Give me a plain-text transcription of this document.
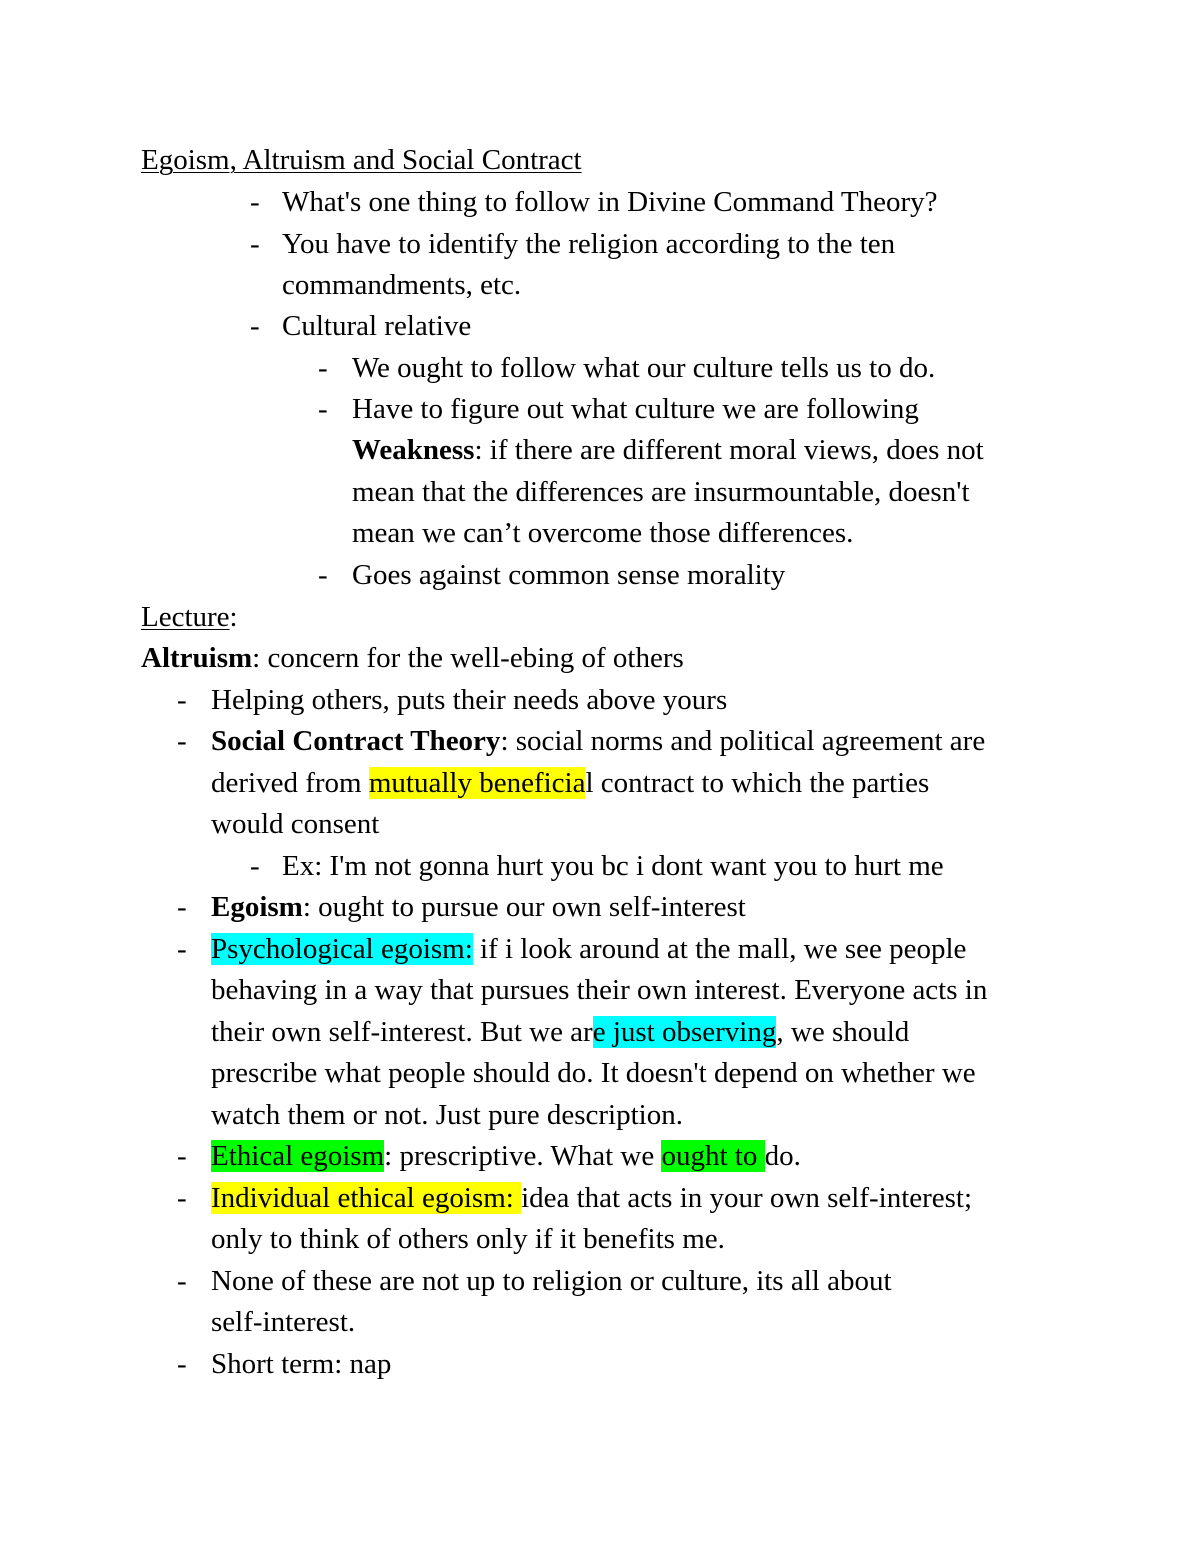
Egoism, Altruism and Social Contract
- What's one thing to follow in Divine Command Theory?
- You have to identify the religion according to the ten
commandments, etc.
- Cultural relative
- We ought to follow what our culture tells us to do.
- Have to figure out what culture we are following
Weakness: if there are different moral views, does not
mean that the differences are insurmountable, doesn't
mean we can’t overcome those differences.
- Goes against common sense morality
Lecture:
Altruism: concern for the well-ebing of others
- Helping others, puts their needs above yours
- Social Contract Theory: social norms and political agreement are
derived from mutually beneficial contract to which the parties
would consent
- Ex: I'm not gonna hurt you bc i dont want you to hurt me
- Egoism: ought to pursue our own self-interest
- Psychological egoism: if i look around at the mall, we see people
behaving in a way that pursues their own interest. Everyone acts in
their own self-interest. But we are just observing, we should
prescribe what people should do. It doesn't depend on whether we
watch them or not. Just pure description.
- Ethical egoism: prescriptive. What we ought to do.
- Individual ethical egoism: idea that acts in your own self-interest;
only to think of others only if it benefits me.
- None of these are not up to religion or culture, its all about
self-interest.
- Short term: nap
